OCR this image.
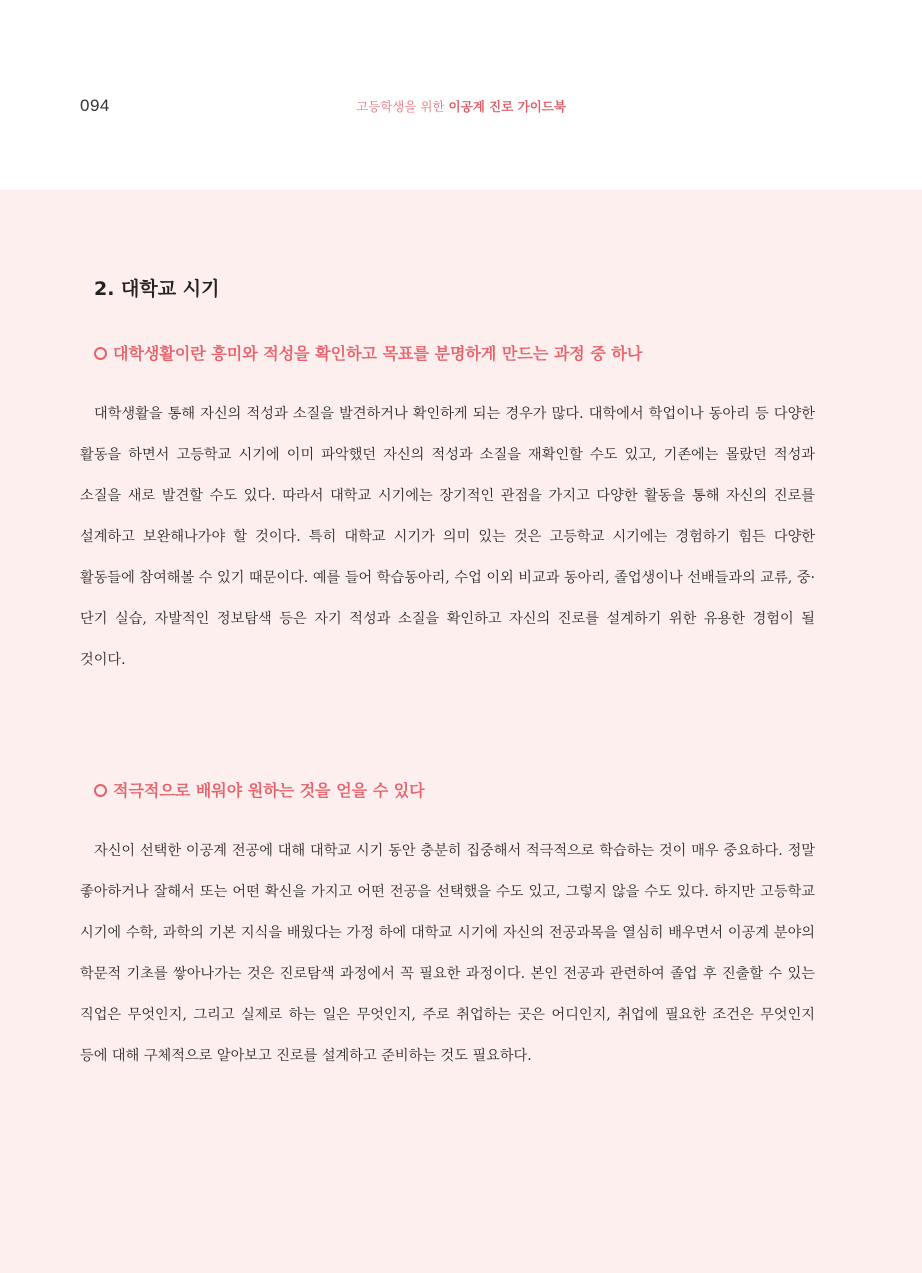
094	고등학생을 위한 이공계 진로 가이드북
2. 대학교 시기
대학생활이란 흥미와 적성을 확인하고 목표를 분명하게 만드는 과정 중 하나

대학생활을 통해 자신의 적성과 소질을 발견하거나 확인하게 되는 경우가 많다. 대학에서 학업이나 동아리 등 다양한 활동을 하면서 고등학교 시기에 이미 파악했던 자신의 적성과 소질을 재확인할 수도 있고, 기존에는 몰랐던 적성과 소질을 새로 발견할 수도 있다. 따라서 대학교 시기에는 장기적인 관점을 가지고 다양한 활동을 통해 자신의 진로를 설계하고 보완해나가야 할 것이다. 특히 대학교 시기가 의미 있는 것은 고등학교 시기에는 경험하기 힘든 다양한 활동들에 참여해볼 수 있기 때문이다. 예를 들어 학습동아리, 수업 이외 비교과 동아리, 졸업생이나 선배들과의 교류, 중·단기 실습, 자발적인 정보탐색 등은 자기 적성과 소질을 확인하고 자신의 진로를 설계하기 위한 유용한 경험이 될 것이다.

적극적으로 배워야 원하는 것을 얻을 수 있다

자신이 선택한 이공계 전공에 대해 대학교 시기 동안 충분히 집중해서 적극적으로 학습하는 것이 매우 중요하다. 정말 좋아하거나 잘해서 또는 어떤 확신을 가지고 어떤 전공을 선택했을 수도 있고, 그렇지 않을 수도 있다. 하지만 고등학교 시기에 수학, 과학의 기본 지식을 배웠다는 가정 하에 대학교 시기에 자신의 전공과목을 열심히 배우면서 이공계 분야의 학문적 기초를 쌓아나가는 것은 진로탐색 과정에서 꼭 필요한 과정이다. 본인 전공과 관련하여 졸업 후 진출할 수 있는 직업은 무엇인지, 그리고 실제로 하는 일은 무엇인지, 주로 취업하는 곳은 어디인지, 취업에 필요한 조건은 무엇인지 등에 대해 구체적으로 알아보고 진로를 설계하고 준비하는 것도 필요하다.
